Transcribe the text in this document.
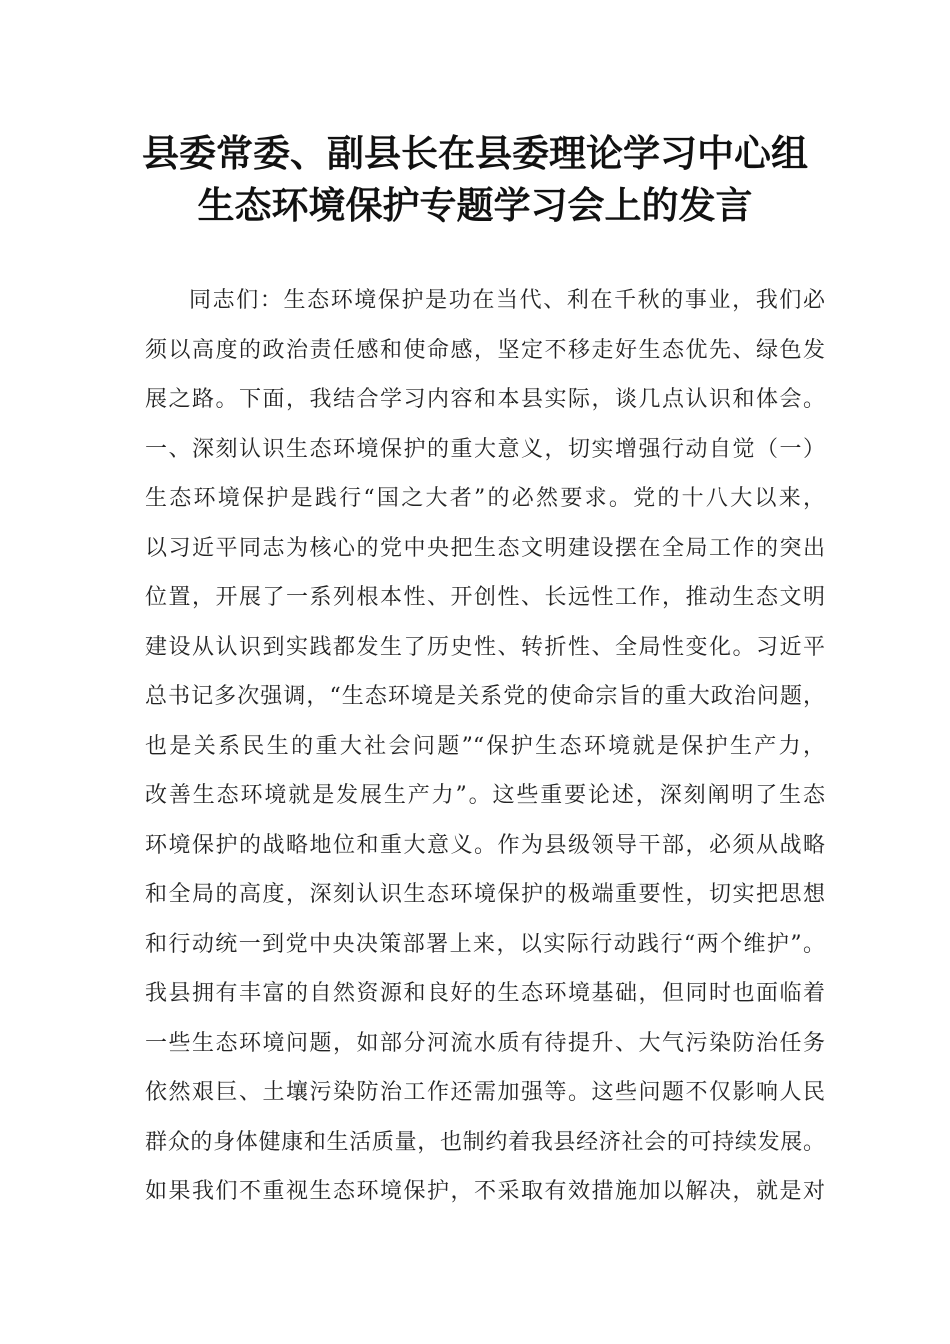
县委常委、副县长在县委理论学习中心组
生态环境保护专题学习会上的发言
同志们：生态环境保护是功在当代、利在千秋的事业，我们必
须以高度的政治责任感和使命感，坚定不移走好生态优先、绿色发
展之路。下面，我结合学习内容和本县实际，谈几点认识和体会。
一、深刻认识生态环境保护的重大意义，切实增强行动自觉（一）
生态环境保护是践行“国之大者”的必然要求。党的十八大以来，
以习近平同志为核心的党中央把生态文明建设摆在全局工作的突出
位置，开展了一系列根本性、开创性、长远性工作，推动生态文明
建设从认识到实践都发生了历史性、转折性、全局性变化。习近平
总书记多次强调，“生态环境是关系党的使命宗旨的重大政治问题，
也是关系民生的重大社会问题”“保护生态环境就是保护生产力，
改善生态环境就是发展生产力”。这些重要论述，深刻阐明了生态
环境保护的战略地位和重大意义。作为县级领导干部，必须从战略
和全局的高度，深刻认识生态环境保护的极端重要性，切实把思想
和行动统一到党中央决策部署上来，以实际行动践行“两个维护”。
我县拥有丰富的自然资源和良好的生态环境基础，但同时也面临着
一些生态环境问题，如部分河流水质有待提升、大气污染防治任务
依然艰巨、土壤污染防治工作还需加强等。这些问题不仅影响人民
群众的身体健康和生活质量，也制约着我县经济社会的可持续发展。
如果我们不重视生态环境保护，不采取有效措施加以解决，就是对
